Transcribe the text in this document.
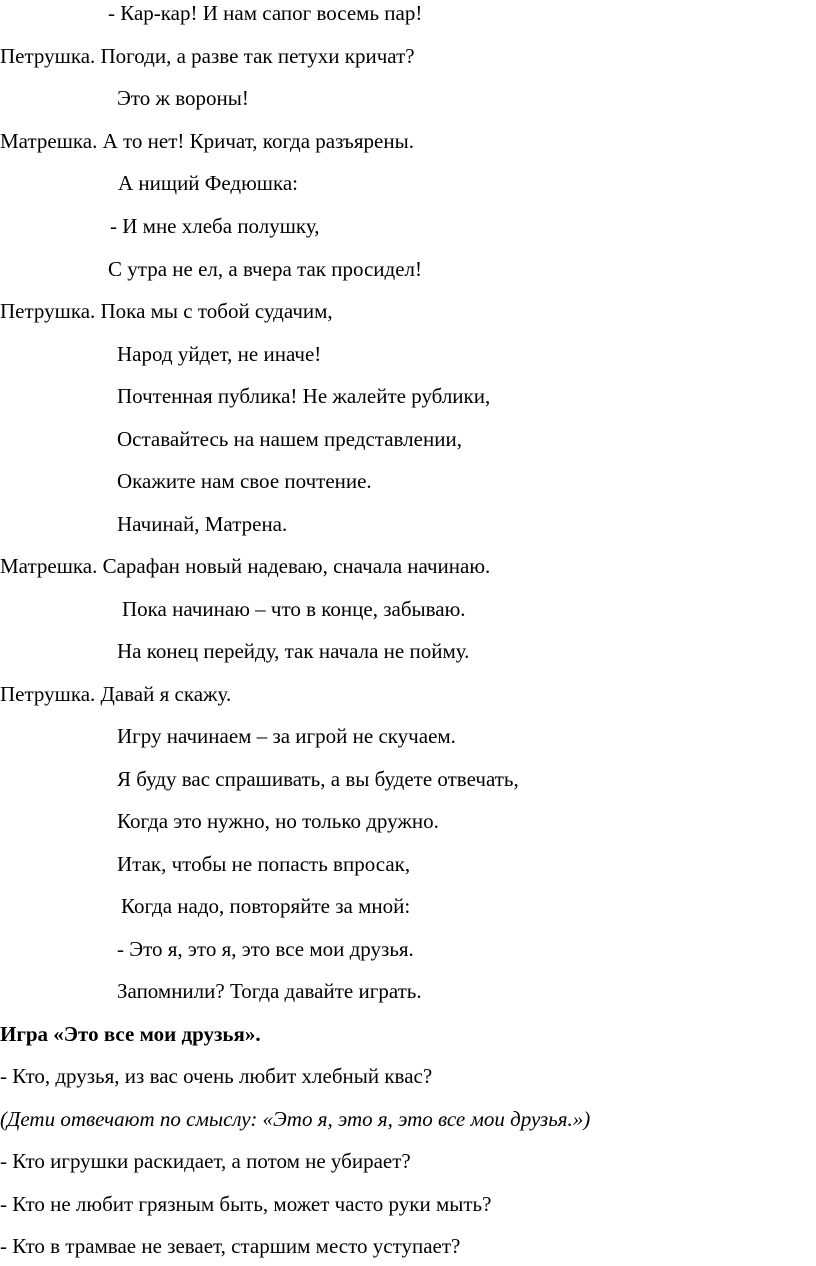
- Кар-кар! И нам сапог восемь пар!

Петрушка. Погоди, а разве так петухи кричат?

Это ж вороны!

Матрешка. А то нет! Кричат, когда разъярены.

А нищий Федюшка:

- И мне хлеба полушку,

С утра не ел, а вчера так просидел!

Петрушка. Пока мы с тобой судачим,

Народ уйдет, не иначе!

Почтенная публика! Не жалейте рублики,

Оставайтесь на нашем представлении,

Окажите нам свое почтение.

Начинай, Матрена.

Матрешка. Сарафан новый надеваю, сначала начинаю.

Пока начинаю – что в конце, забываю.

На конец перейду, так начала не пойму.

Петрушка. Давай я скажу.

Игру начинаем – за игрой не скучаем.

Я буду вас спрашивать, а вы будете отвечать,

Когда это нужно, но только дружно.

Итак, чтобы не попасть впросак,

Когда надо, повторяйте за мной:

- Это я, это я, это все мои друзья.

Запомнили? Тогда давайте играть.

Игра «Это все мои друзья».

- Кто, друзья, из вас очень любит хлебный квас?

(Дети отвечают по смыслу: «Это я, это я, это все мои друзья.»)

- Кто игрушки раскидает, а потом не убирает?

- Кто не любит грязным быть, может часто руки мыть?

- Кто в трамвае не зевает, старшим место уступает?
